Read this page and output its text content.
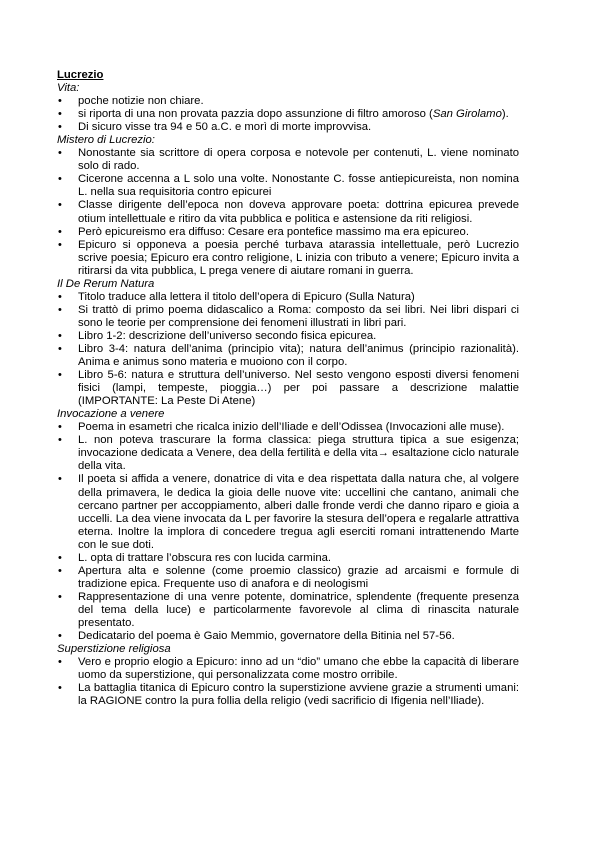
Lucrezio
Vita:
• poche notizie non chiare.
• si riporta di una non provata pazzia dopo assunzione di filtro amoroso (San Girolamo).
• Di sicuro visse tra 94 e 50 a.C. e morì di morte improvvisa.
Mistero di Lucrezio:
• Nonostante sia scrittore di opera corposa e notevole per contenuti, L. viene nominato solo di rado.
• Cicerone accenna a L solo una volte. Nonostante C. fosse antiepicureista, non nomina L. nella sua requisitoria contro epicurei
• Classe dirigente dell’epoca non doveva approvare poeta: dottrina epicurea prevede otium intellettuale e ritiro da vita pubblica e politica e astensione da riti religiosi.
• Però epicureismo era diffuso: Cesare era pontefice massimo ma era epicureo.
• Epicuro si opponeva a poesia perché turbava atarassia intellettuale, però Lucrezio scrive poesia; Epicuro era contro religione, L inizia con tributo a venere; Epicuro invita a ritirarsi da vita pubblica, L prega venere di aiutare romani in guerra.
Il De Rerum Natura
• Titolo traduce alla lettera il titolo dell’opera di Epicuro (Sulla Natura)
• Si trattò di primo poema didascalico a Roma: composto da sei libri. Nei libri dispari ci sono le teorie per comprensione dei fenomeni illustrati in libri pari.
• Libro 1-2: descrizione dell’universo secondo fisica epicurea.
• Libro 3-4: natura dell’anima (principio vita); natura dell’animus (principio razionalità). Anima e animus sono materia e muoiono con il corpo.
• Libro 5-6: natura e struttura dell’universo. Nel sesto vengono esposti diversi fenomeni fisici (lampi, tempeste, pioggia…) per poi passare a descrizione malattie (IMPORTANTE: La Peste Di Atene)
Invocazione a venere
• Poema in esametri che ricalca inizio dell’Iliade e dell’Odissea (Invocazioni alle muse).
• L. non poteva trascurare la forma classica: piega struttura tipica a sue esigenza; invocazione dedicata a Venere, dea della fertilità e della vita→ esaltazione ciclo naturale della vita.
• Il poeta si affida a venere, donatrice di vita e dea rispettata dalla natura che, al volgere della primavera, le dedica la gioia delle nuove vite: uccellini che cantano, animali che cercano partner per accoppiamento, alberi dalle fronde verdi che danno riparo e gioia a uccelli. La dea viene invocata da L per favorire la stesura dell’opera e regalarle attrattiva eterna. Inoltre la implora di concedere tregua agli eserciti romani intrattenendo Marte con le sue doti.
• L. opta di trattare l’obscura res con lucida carmina.
• Apertura alta e solenne (come proemio classico) grazie ad arcaismi e formule di tradizione epica. Frequente uso di anafora e di neologismi
• Rappresentazione di una venre potente, dominatrice, splendente (frequente presenza del tema della luce) e particolarmente favorevole al clima di rinascita naturale presentato.
• Dedicatario del poema è Gaio Memmio, governatore della Bitinia nel 57-56.
Superstizione religiosa
• Vero e proprio elogio a Epicuro: inno ad un “dio” umano che ebbe la capacità di liberare uomo da superstizione, qui personalizzata come mostro orribile.
• La battaglia titanica di Epicuro contro la superstizione avviene grazie a strumenti umani: la RAGIONE contro la pura follia della religio (vedi sacrificio di Ifigenia nell’Iliade).
